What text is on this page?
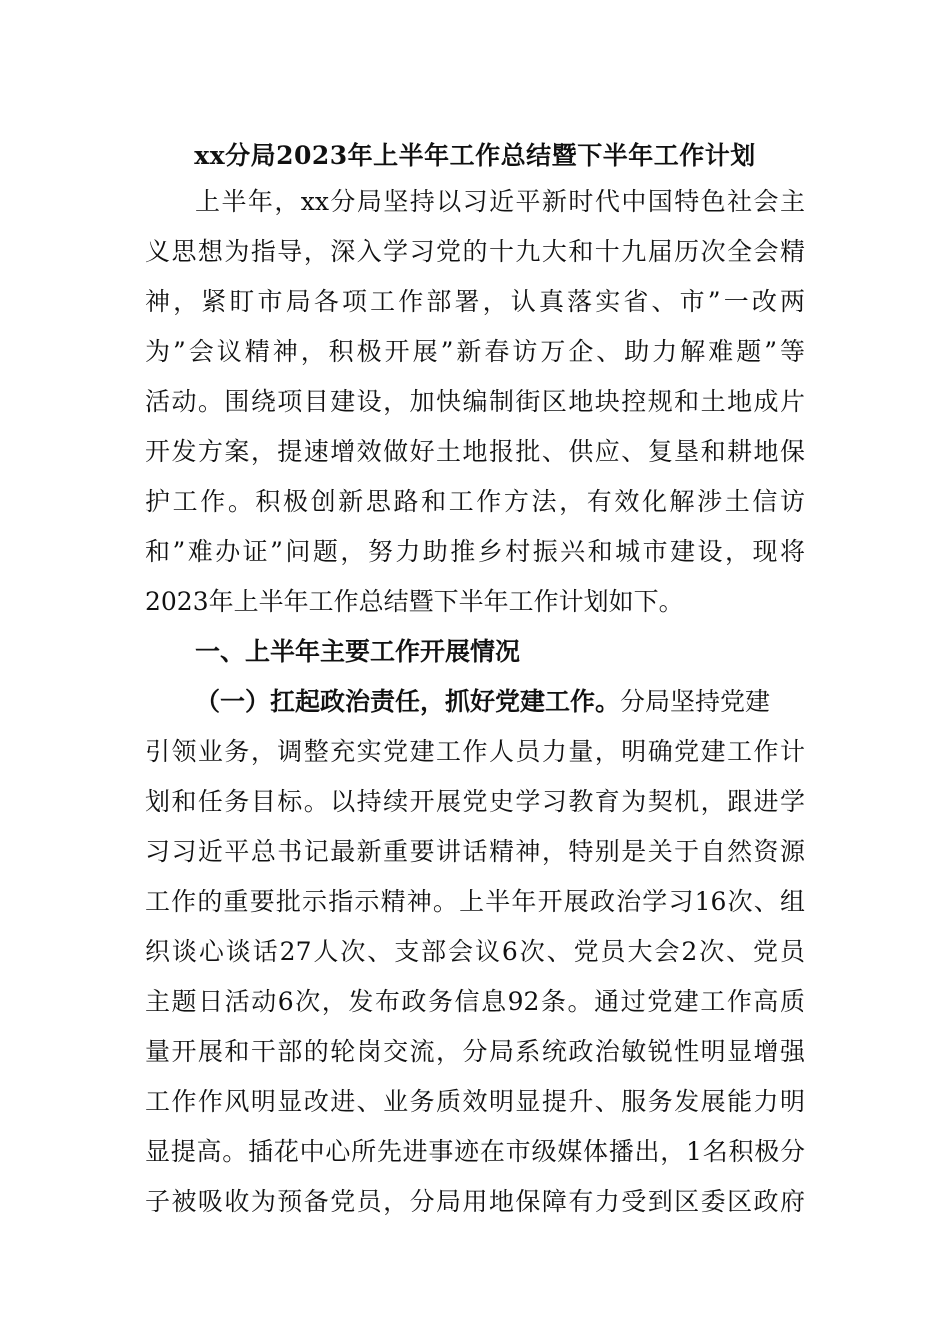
xx分局2023年上半年工作总结暨下半年工作计划
上半年，xx分局坚持以习近平新时代中国特色社会主
义思想为指导，深入学习党的十九大和十九届历次全会精
神，紧盯市局各项工作部署，认真落实省、市”一改两
为”会议精神，积极开展”新春访万企、助力解难题”等
活动。围绕项目建设，加快编制街区地块控规和土地成片
开发方案，提速增效做好土地报批、供应、复垦和耕地保
护工作。积极创新思路和工作方法，有效化解涉土信访
和”难办证”问题，努力助推乡村振兴和城市建设，现将
2023年上半年工作总结暨下半年工作计划如下。
一、上半年主要工作开展情况
（一）扛起政治责任，抓好党建工作。分局坚持党建
引领业务，调整充实党建工作人员力量，明确党建工作计
划和任务目标。以持续开展党史学习教育为契机，跟进学
习习近平总书记最新重要讲话精神，特别是关于自然资源
工作的重要批示指示精神。上半年开展政治学习16次、组
织谈心谈话27人次、支部会议6次、党员大会2次、党员
主题日活动6次，发布政务信息92条。通过党建工作高质
量开展和干部的轮岗交流，分局系统政治敏锐性明显增强
工作作风明显改进、业务质效明显提升、服务发展能力明
显提高。插花中心所先进事迹在市级媒体播出，1名积极分
子被吸收为预备党员，分局用地保障有力受到区委区政府
